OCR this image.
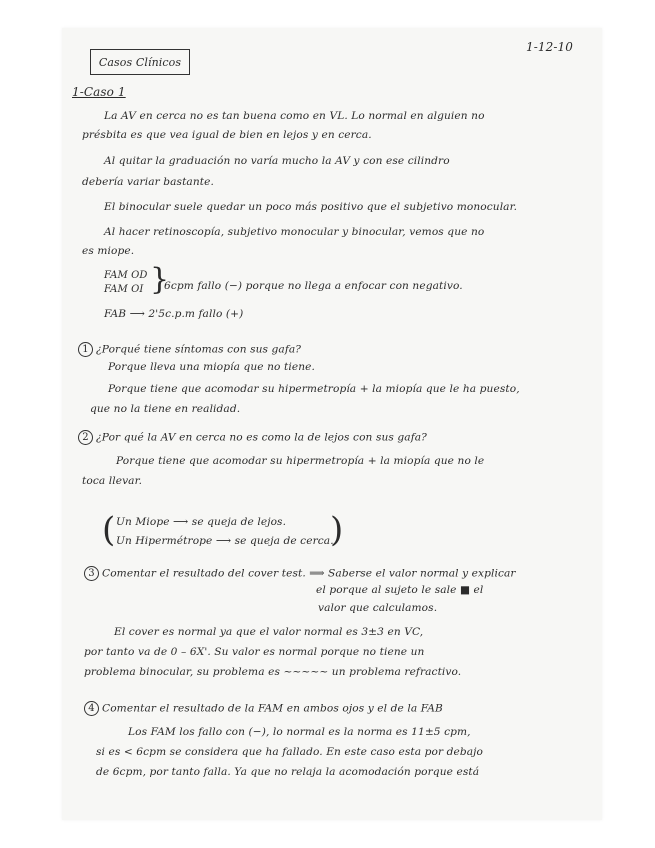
Casos Clínicos
1-12-10
1-Caso 1
La AV en cerca no es tan buena como en VL. Lo normal en alguien no
présbita es que vea igual de bien en lejos y en cerca.
Al quitar la graduación no varía mucho la AV y con ese cilindro
debería variar bastante.
El binocular suele quedar un poco más positivo que el subjetivo monocular.
Al hacer retinoscopía, subjetivo monocular y binocular, vemos que no
es miope.
FAM OD
FAM OI }
6cpm fallo (−) porque no llega a enfocar con negativo.
FAB ⟶ 2'5c.p.m fallo (+)
1 ¿Porqué tiene síntomas con sus gafa?
Porque lleva una miopía que no tiene.
Porque tiene que acomodar su hipermetropía + la miopía que le ha puesto,
que no la tiene en realidad.
2 ¿Por qué la AV en cerca no es como la de lejos con sus gafa?
Porque tiene que acomodar su hipermetropía + la miopía que no le
toca llevar.
( Un Miope ⟶ se queja de lejos.
Un Hipermétrope ⟶ se queja de cerca.
)
3 Comentar el resultado del cover test. ⟹ Saberse el valor normal y explicar
el porque al sujeto le sale ■ el
valor que calculamos.
El cover es normal ya que el valor normal es 3±3 en VC,
por tanto va de 0 – 6X'. Su valor es normal porque no tiene un
problema binocular, su problema es ~~~~~ un problema refractivo.
4 Comentar el resultado de la FAM en ambos ojos y el de la FAB
Los FAM los fallo con (−), lo normal es la norma es 11±5 cpm,
si es < 6cpm se considera que ha fallado. En este caso esta por debajo
de 6cpm, por tanto falla. Ya que no relaja la acomodación porque está
